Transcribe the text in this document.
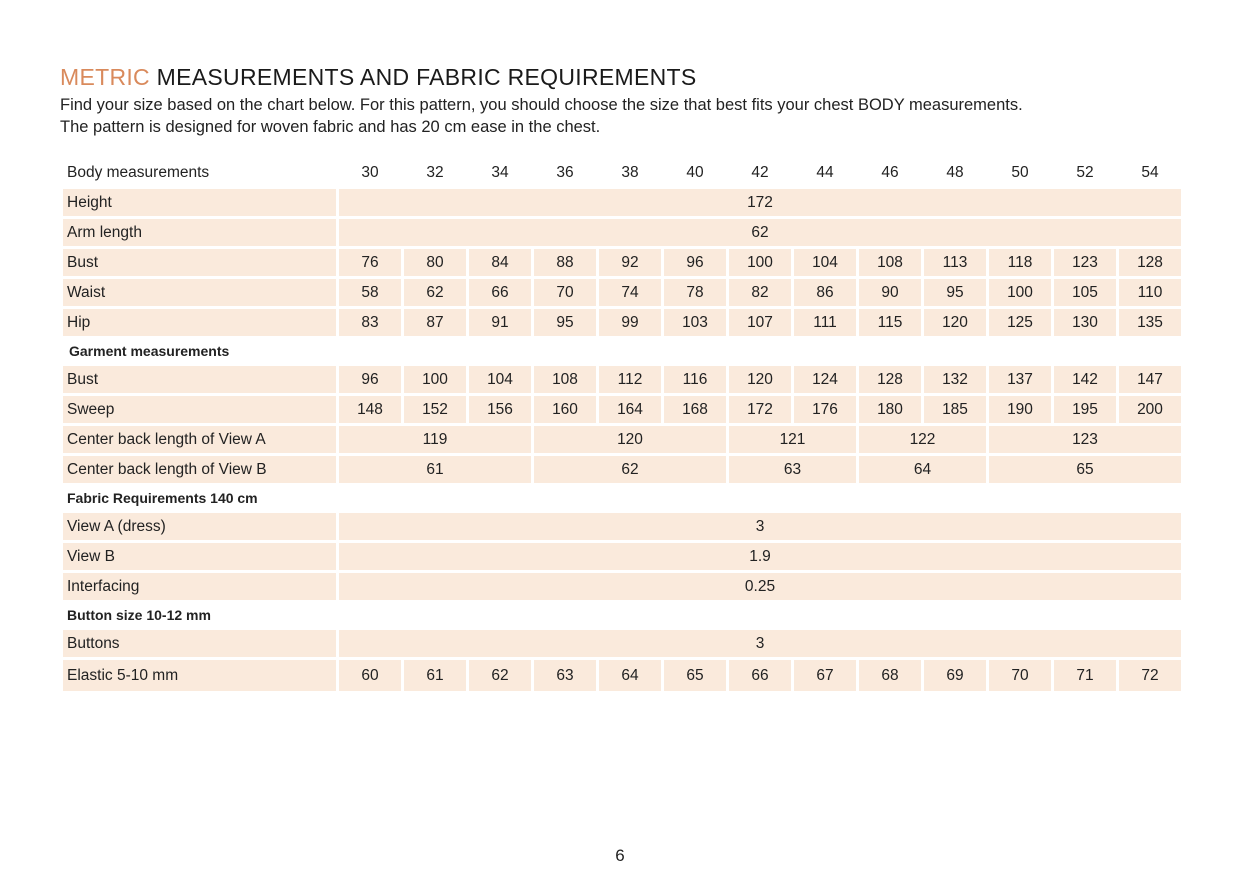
METRIC MEASUREMENTS AND FABRIC REQUIREMENTS

Find your size based on the chart below. For this pattern, you should choose the size that best fits your chest BODY measurements.
The pattern is designed for woven fabric and has 20 cm ease in the chest.

Body measurements	30	32	34	36	38	40	42	44	46	48	50	52	54
Height	172												
Arm length	62												
Bust	76	80	84	88	92	96	100	104	108	113	118	123	128
Waist	58	62	66	70	74	78	82	86	90	95	100	105	110
Hip	83	87	91	95	99	103	107	111	115	120	125	130	135
Garment measurements													
Bust	96	100	104	108	112	116	120	124	128	132	137	142	147
Sweep	148	152	156	160	164	168	172	176	180	185	190	195	200
Center back length of View A	119			120			121		122		123		
Center back length of View B	61			62			63		64		65		
Fabric Requirements 140 cm													
View A (dress)	3												
View B	1.9												
Interfacing	0.25												
Button size 10-12 mm													
Buttons	3												
Elastic 5-10 mm	60	61	62	63	64	65	66	67	68	69	70	71	72
6
